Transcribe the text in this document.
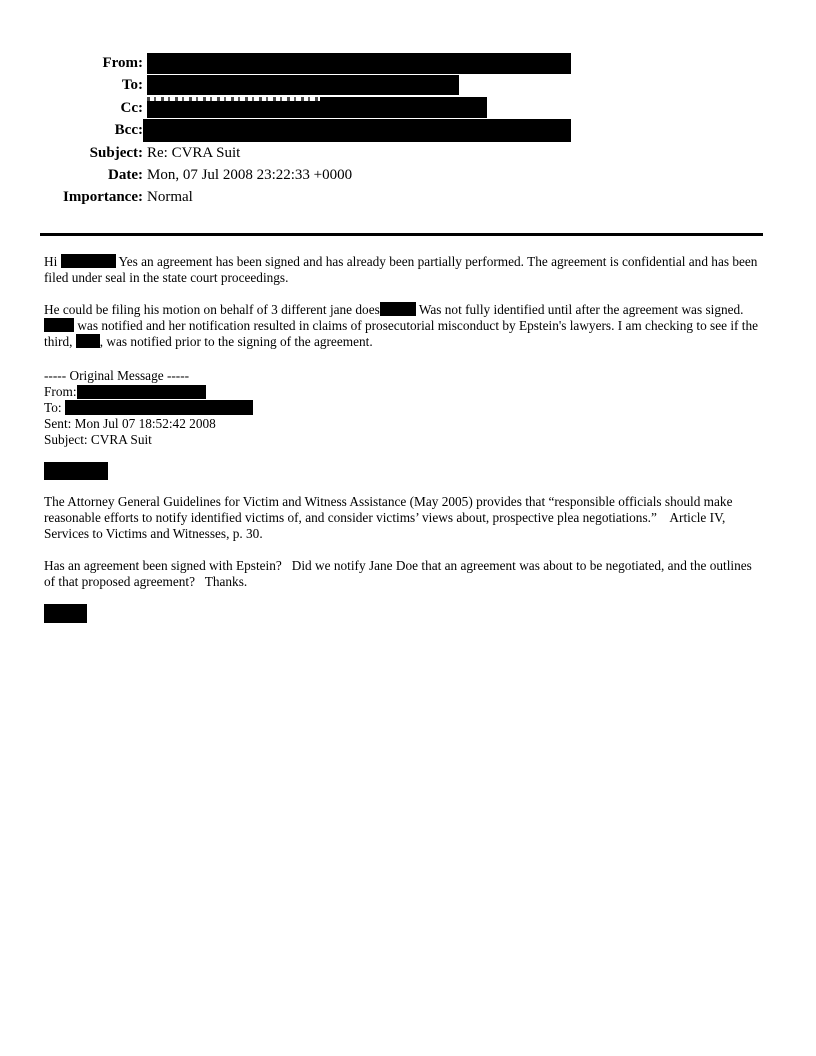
From:
To:
Cc:
Bcc:
Subject: Re: CVRA Suit
Date: Mon, 07 Jul 2008 23:22:33 +0000
Importance: Normal

Hi	Yes an agreement has been signed and has already been partially performed. The agreement is confidential and has been filed under seal in the state court proceedings.

He could be filing his motion on behalf of 3 different jane does	Was not fully identified until after the agreement was signed. was notified and her notification resulted in claims of prosecutorial misconduct by Epstein's lawyers. I am checking to see if the third, , was notified prior to the signing of the agreement.

----- Original Message -----
From:
To:
Sent: Mon Jul 07 18:52:42 2008
Subject: CVRA Suit

The Attorney General Guidelines for Victim and Witness Assistance (May 2005) provides that “responsible officials should make reasonable efforts to notify identified victims of, and consider victims’ views about, prospective plea negotiations.”    Article IV, Services to Victims and Witnesses, p. 30.

Has an agreement been signed with Epstein?   Did we notify Jane Doe that an agreement was about to be negotiated, and the outlines of that proposed agreement?   Thanks.
